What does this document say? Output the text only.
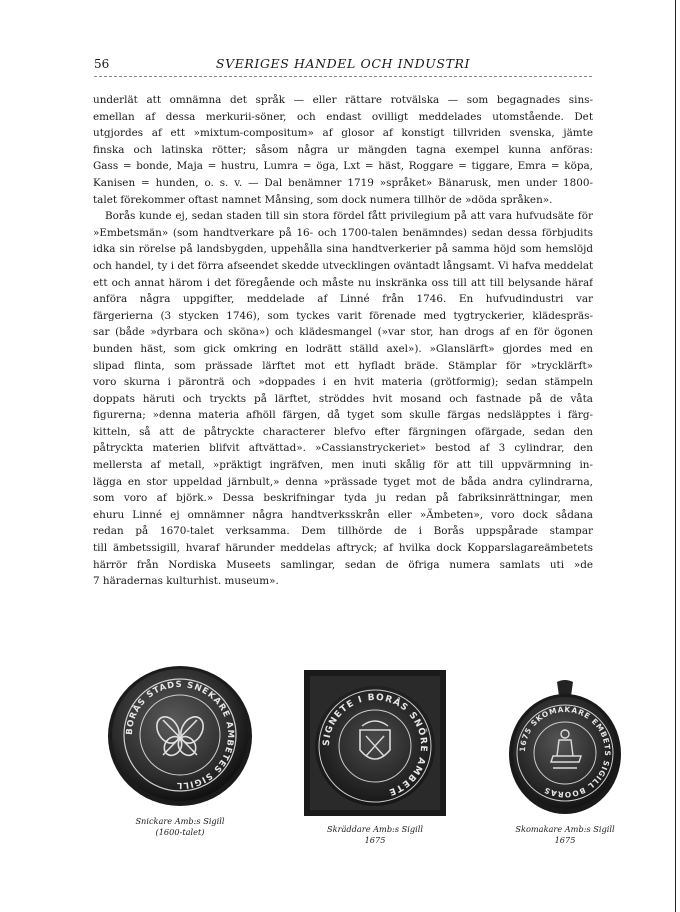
56	SVERIGES HANDEL OCH INDUSTRI
underlät att omnämna det språk — eller rättare rotvälska — som begagnades sins-
emellan af dessa merkurii-söner, och endast ovilligt meddelades utomstående. Det
utgjordes af ett »mixtum-compositum» af glosor af konstigt tillvriden svenska, jämte
finska och latinska rötter; såsom några ur mängden tagna exempel kunna anföras:
Gass = bonde, Maja = hustru, Lumra = öga, Lxt = häst, Roggare = tiggare, Emra = köpa,
Kanisen = hunden, o. s. v. — Dal benämner 1719 »språket» Bänarusk, men under 1800-
talet förekommer oftast namnet Månsing, som dock numera tillhör de »döda språken».
Borås kunde ej, sedan staden till sin stora fördel fått privilegium på att vara hufvudsäte för
»Embetsmän» (som handtverkare på 16- och 1700-talen benämndes) sedan dessa förbjudits
idka sin rörelse på landsbygden, uppehålla sina handtverkerier på samma höjd som hemslöjd
och handel, ty i det förra afseendet skedde utvecklingen oväntadt långsamt. Vi hafva meddelat
ett och annat härom i det föregående och måste nu inskränka oss till att till belysande häraf
anföra några uppgifter, meddelade af Linné från 1746. En hufvudindustri var
färgerierna (3 stycken 1746), som tyckes varit förenade med tygtryckerier, klädespräs-
sar (både »dyrbara och sköna») och klädesmangel (»var stor, han drogs af en för ögonen
bunden häst, som gick omkring en lodrätt ställd axel»). »Glanslärft» gjordes med en
slipad flinta, som prässade lärftet mot ett hyfladt bräde. Stämplar för »trycklärft»
voro skurna i päronträ och »doppades i en hvit materia (grötformig); sedan stämpeln
doppats häruti och tryckts på lärftet, ströddes hvit mosand och fastnade på de våta
figurerna; »denna materia afhöll färgen, då tyget som skulle färgas nedsläpptes i färg-
kitteln, så att de påtryckte characterer blefvo efter färgningen ofärgade, sedan den
påtryckta materien blifvit aftvättad». »Cassianstryckeriet» bestod af 3 cylindrar, den
mellersta af metall, »präktigt ingräfven, men inuti skålig för att till uppvärmning in-
lägga en stor uppeldad järnbult,» denna »prässade tyget mot de båda andra cylindrarna,
som voro af björk.» Dessa beskrifningar tyda ju redan på fabriksinrättningar, men
ehuru Linné ej omnämner några handtverksskrån eller »Ämbeten», voro dock sådana
redan på 1670-talet verksamma. Dem tillhörde de i Borås uppspårade stampar
till ämbetssigill, hvaraf härunder meddelas aftryck; af hvilka dock Kopparslagareämbetets
härrör från Nordiska Museets samlingar, sedan de öfriga numera samlats uti »de
7 häradernas kulturhist. museum».
BORÅS STADS SNEKARE AMBETES SIGILL
Snickare Amb:s Sigill
(1600-talet)
SIGNETE I BORÅS SNÖRE AMBETE
Skräddare Amb:s Sigill
1675
1675 SKOMAKARE EMBETS SIGILL BOORAS
Skomakare Amb:s Sigill
1675
